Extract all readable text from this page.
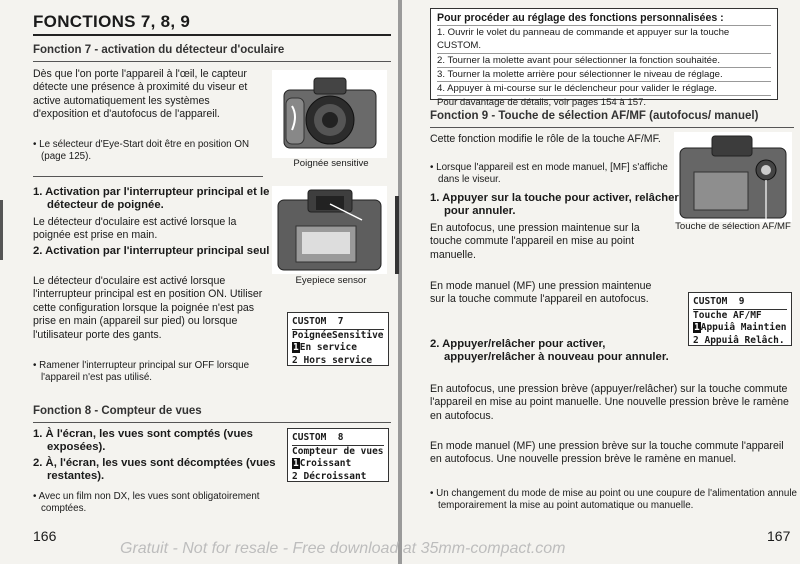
FONCTIONS 7, 8, 9
Fonction 7 - activation du détecteur d'oculaire
Dès que l'on porte l'appareil à l'œil, le capteur détecte une présence à proximité du viseur et active automatiquement les systèmes d'exposition et d'autofocus de l'appareil.
• Le sélecteur d'Eye-Start doit être en position ON (page 125).
Poignée sensitive
1. Activation par l'interrupteur principal et le détecteur de poignée.
Le détecteur d'oculaire est activé lorsque la poignée est prise en main.
2. Activation par l'interrupteur principal seul
Le détecteur d'oculaire est activé lorsque l'interrupteur principal est en position ON. Utiliser cette configuration lorsque la poignée n'est pas prise en main (appareil sur pied) ou lorsque l'utilisateur porte des gants.
• Ramener l'interrupteur principal sur OFF lorsque l'appareil n'est pas utilisé.
Eyepiece sensor
CUSTOM  7
PoignéeSensitive
1En service
2 Hors service
Fonction 8 - Compteur de vues
1. À l'écran, les vues sont comptés (vues exposées).
2. À, l'écran, les vues sont décomptées (vues restantes).
• Avec un film non DX, les vues sont obligatoirement comptées.
CUSTOM  8
Compteur de vues
1Croissant
2 Décroissant
166
Pour procéder au réglage des fonctions personnalisées :
1. Ouvrir le volet du panneau de commande et appuyer sur la touche CUSTOM.
2. Tourner la molette avant pour sélectionner la fonction souhaitée.
3. Tourner la molette arrière pour sélectionner le niveau de réglage.
4. Appuyer à mi-course sur le déclencheur pour valider le réglage.
Pour davantage de détails, voir pages 154 à 157.
Fonction 9 - Touche de sélection AF/MF (autofocus/ manuel)
Cette fonction modifie le rôle de la touche AF/MF.
• Lorsque l'appareil est en mode manuel, [MF] s'affiche dans le viseur.
Touche de sélection AF/MF
1. Appuyer sur la touche pour activer, relâcher pour annuler.
En autofocus, une pression maintenue sur la touche commute l'appareil en mise au point manuelle.
En mode manuel (MF) une pression maintenue sur la touche commute l'appareil en autofocus.	CUSTOM  9
Touche AF/MF
1Appuiâ Maintien
2 Appuiâ Relâch.
2. Appuyer/relâcher pour activer, appuyer/relâcher à nouveau pour annuler.
En autofocus, une pression brève (appuyer/relâcher) sur la touche commute l'appareil en mise au point manuelle. Une nouvelle pression brève le ramène en autofocus.
En mode manuel (MF) une pression brève sur la touche commute l'appareil en autofocus. Une nouvelle pression brève le ramène en manuel.
• Un changement du mode de mise au point ou une coupure de l'alimentation annule temporairement la mise au point automatique ou manuelle.
167
Gratuit - Not for resale - Free download at 35mm-compact.com
